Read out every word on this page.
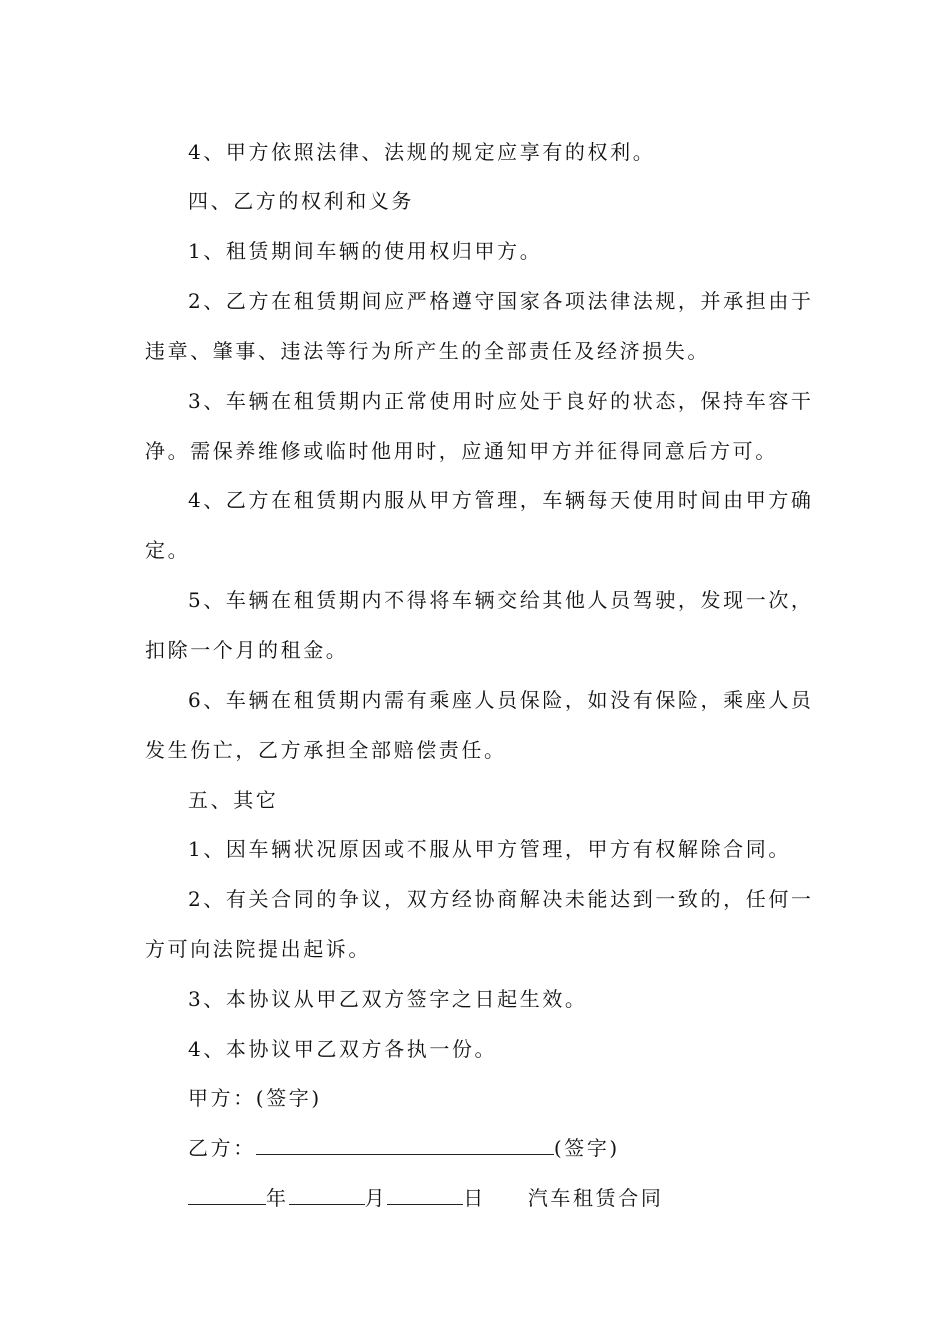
4、甲方依照法律、法规的规定应享有的权利。
四、乙方的权利和义务
1、租赁期间车辆的使用权归甲方。
2、乙方在租赁期间应严格遵守国家各项法律法规，并承担由于
违章、肇事、违法等行为所产生的全部责任及经济损失。
3、车辆在租赁期内正常使用时应处于良好的状态，保持车容干
净。需保养维修或临时他用时，应通知甲方并征得同意后方可。
4、乙方在租赁期内服从甲方管理，车辆每天使用时间由甲方确
定。
5、车辆在租赁期内不得将车辆交给其他人员驾驶，发现一次，
扣除一个月的租金。
6、车辆在租赁期内需有乘座人员保险，如没有保险，乘座人员
发生伤亡，乙方承担全部赔偿责任。
五、其它
1、因车辆状况原因或不服从甲方管理，甲方有权解除合同。
2、有关合同的争议，双方经协商解决未能达到一致的，任何一
方可向法院提出起诉。
3、本协议从甲乙双方签字之日起生效。
4、本协议甲乙双方各执一份。
甲方：(签字)
乙方：	(签字)
年	月	日 汽车租赁合同
